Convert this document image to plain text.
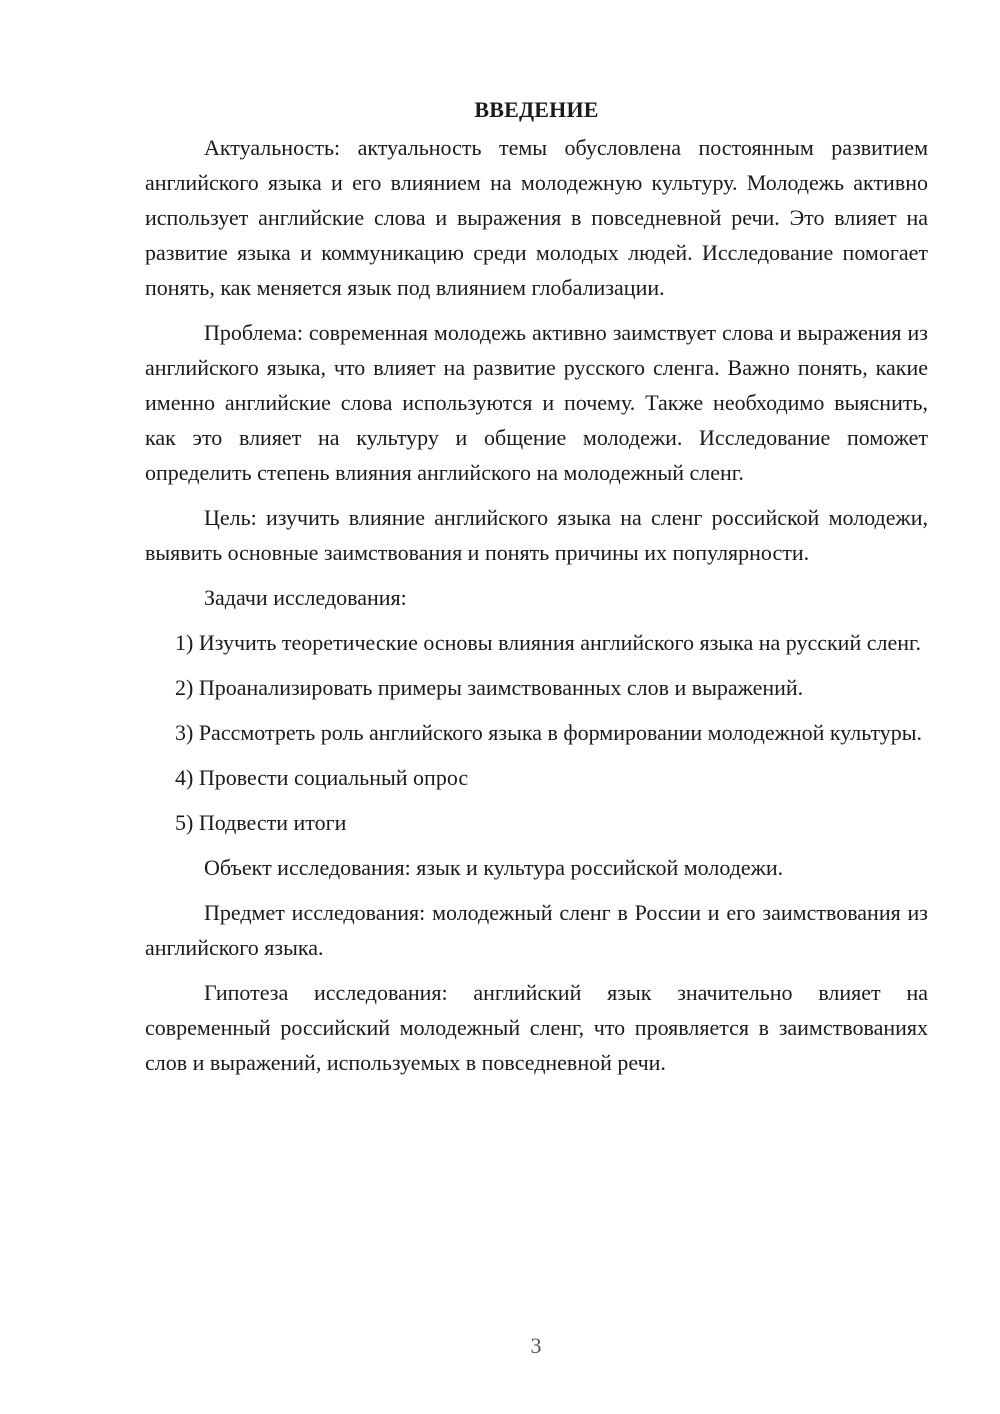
ВВЕДЕНИЕ

Актуальность: актуальность темы обусловлена постоянным развитием английского языка и его влиянием на молодежную культуру. Молодежь активно использует английские слова и выражения в повседневной речи. Это влияет на развитие языка и коммуникацию среди молодых людей. Исследование помогает понять, как меняется язык под влиянием глобализации.

Проблема: современная молодежь активно заимствует слова и выражения из английского языка, что влияет на развитие русского сленга. Важно понять, какие именно английские слова используются и почему. Также необходимо выяснить, как это влияет на культуру и общение молодежи. Исследование поможет определить степень влияния английского на молодежный сленг.

Цель: изучить влияние английского языка на сленг российской молодежи, выявить основные заимствования и понять причины их популярности.

Задачи исследования:

1) Изучить теоретические основы влияния английского языка на русский сленг.

2) Проанализировать примеры заимствованных слов и выражений.

3) Рассмотреть роль английского языка в формировании молодежной культуры.

4) Провести социальный опрос

5) Подвести итоги

Объект исследования: язык и культура российской молодежи.

Предмет исследования: молодежный сленг в России и его заимствования из английского языка.

Гипотеза исследования: английский язык значительно влияет на современный российский молодежный сленг, что проявляется в заимствованиях слов и выражений, используемых в повседневной речи.

3
